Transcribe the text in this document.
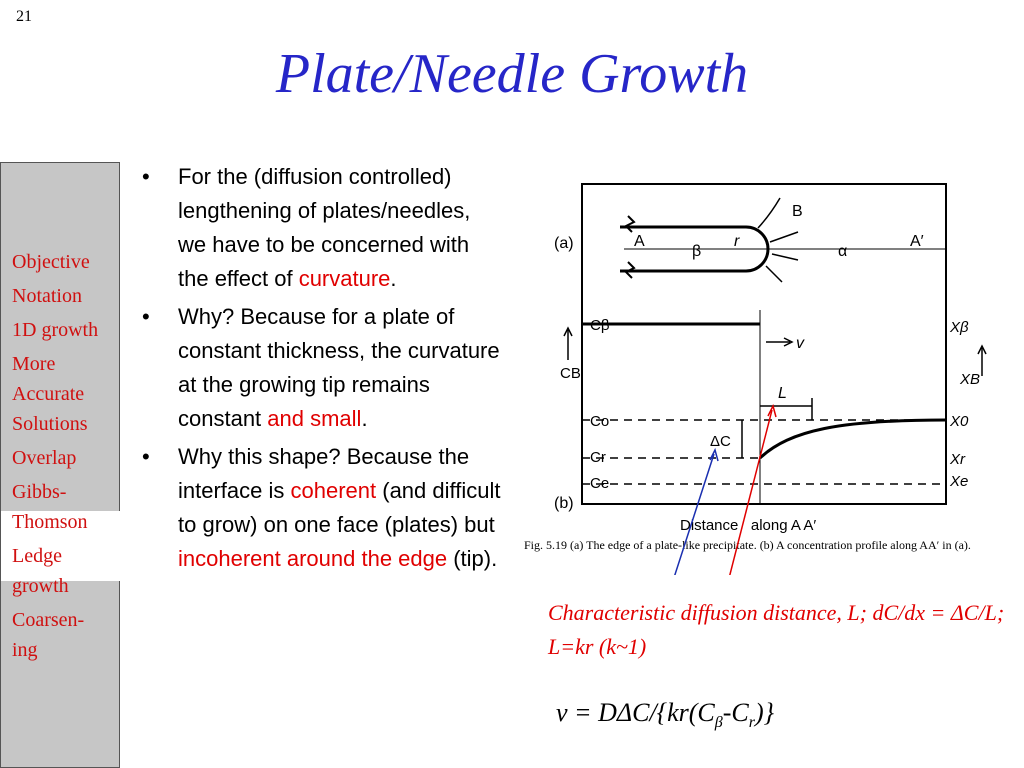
21
Plate/Needle Growth
Objective
Notation
1D growth
More Accurate Solutions
Overlap
Gibbs-Thomson
Ledge growth
Coarsen-ing
• For the (diffusion controlled) lengthening of plates/needles, we have to be concerned with the effect of curvature.
• Why? Because for a plate of constant thickness, the curvature at the growing tip remains constant and small.
• Why this shape? Because the interface is coherent (and difficult to grow) on one face (plates) but incoherent around the edge (tip).
(a)	A
β
r
B
α
A′
v
L
ΔC
Cβ
CB
Co
Cr
Ce
(b)
Xβ
XB
X0
Xr
Xe
Distance   along A A′
Fig. 5.19 (a) The edge of a plate-like precipitate. (b) A concentration profile along AA′ in (a).
Characteristic diffusion distance, L; dC/dx = ΔC/L; L=kr (k~1)
v = DΔC/$\{kr(C_\beta-C_r)\}$
